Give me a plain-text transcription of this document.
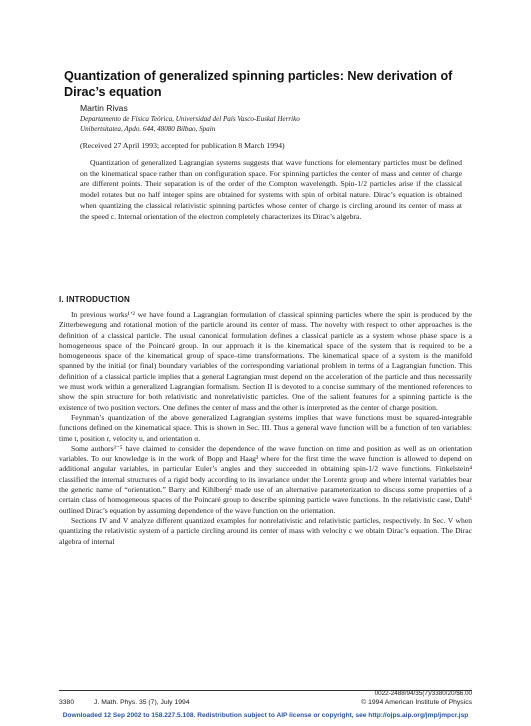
Quantization of generalized spinning particles: New derivation of Dirac’s equation
Martin Rivas
Departamento de Física Teórica, Universidad del País Vasco-Euskal Herriko
Unibertsitatea, Apdo. 644, 48080 Bilbao, Spain
(Received 27 April 1993; accepted for publication 8 March 1994)
Quantization of generalized Lagrangian systems suggests that wave functions for elementary particles must be defined on the kinematical space rather than on configuration space. For spinning particles the center of mass and center of charge are different points. Their separation is of the order of the Compton wavelength. Spin-1/2 particles arise if the classical model rotates but no half integer spins are obtained for systems with spin of orbital nature. Dirac’s equation is obtained when quantizing the classical relativistic spinning particles whose center of charge is circling around its center of mass at the speed c. Internal orientation of the electron completely characterizes its Dirac’s algebra.
I. INTRODUCTION

In previous works¹’² we have found a Lagrangian formulation of classical spinning particles where the spin is produced by the Zitterbewegung and rotational motion of the particle around its center of mass. The novelty with respect to other approaches is the definition of a classical particle. The usual canonical formulation defines a classical particle as a system whose phase space is a homogeneous space of the Poincaré group. In our approach it is the kinematical space of the system that is required to be a homogeneous space of the kinematical group of space–time transformations. The kinematical space of a system is the manifold spanned by the initial (or final) boundary variables of the corresponding variational problem in terms of a Lagrangian function. This definition of a classical particle implies that a general Lagrangian must depend on the acceleration of the particle and thus necessarily we must work within a generalized Lagrangian formalism. Section II is devoted to a concise summary of the mentioned references to show the spin structure for both relativistic and nonrelativistic particles. One of the salient features for a spinning particle is the existence of two position vectors. One defines the center of mass and the other is interpreted as the center of charge position.

Feynman’s quantization of the above generalized Lagrangian systems implies that wave functions must be squared-integrable functions defined on the kinematical space. This is shown in Sec. III. Thus a general wave function will be a function of ten variables: time t, position r, velocity u, and orientation α.

Some authors³⁻⁵ have claimed to consider the dependence of the wave function on time and position as well as on orientation variables. To our knowledge is in the work of Bopp and Haag³ where for the first time the wave function is allowed to depend on additional angular variables, in particular Euler’s angles and they succeeded in obtaining spin-1/2 wave functions. Finkelstein⁴ classified the internal structures of a rigid body according to its invariance under the Lorentz group and where internal variables bear the generic name of “orientation.” Barry and Kihlberg⁵ made use of an alternative parameterization to discuss some properties of a certain class of homogeneous spaces of the Poincaré group to describe spinning particle wave functions. In the relativistic case, Dahl⁶ outlined Dirac’s equation by assuming dependence of the wave function on the orientation.

Sections IV and V analyze different quantized examples for nonrelativistic and relativistic particles, respectively. In Sec. V when quantizing the relativistic system of a particle circling around its center of mass with velocity c we obtain Dirac’s equation. The Dirac algebra of internal

0022-2488/94/35(7)/3380/20/$6.00
3380	J. Math. Phys. 35 (7), July 1994	© 1994 American Institute of Physics
Downloaded 12 Sep 2002 to 158.227.5.108. Redistribution subject to AIP license or copyright, see http://ojps.aip.org/jmp/jmpcr.jsp
